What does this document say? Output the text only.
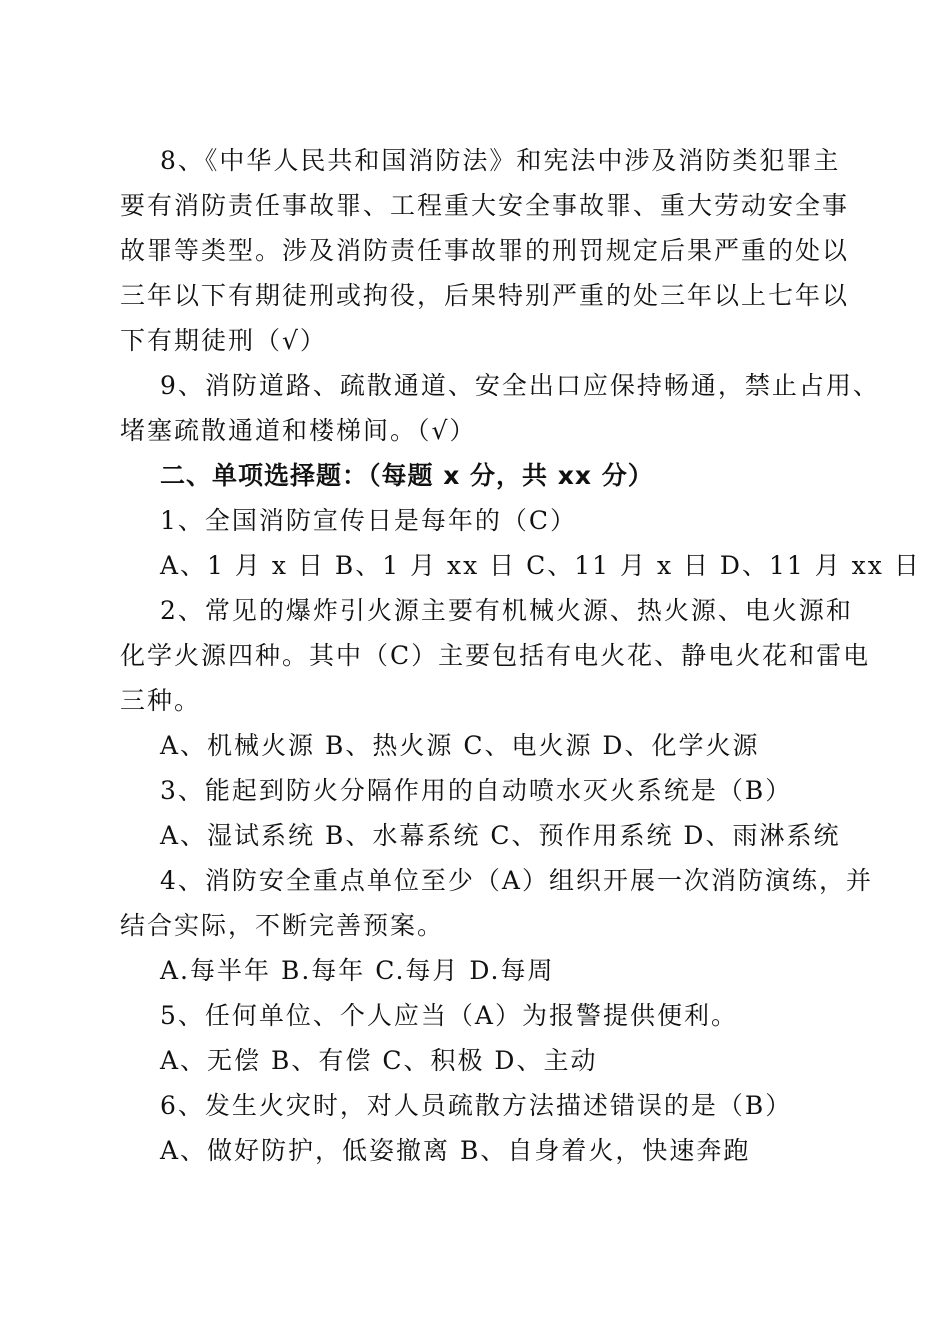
8、《中华人民共和国消防法》和宪法中涉及消防类犯罪主
要有消防责任事故罪、工程重大安全事故罪、重大劳动安全事
故罪等类型。涉及消防责任事故罪的刑罚规定后果严重的处以
三年以下有期徒刑或拘役，后果特别严重的处三年以上七年以
下有期徒刑（√）
9、消防道路、疏散通道、安全出口应保持畅通，禁止占用、
堵塞疏散通道和楼梯间。（√）
二、单项选择题：（每题 x 分，共 xx 分）
1、全国消防宣传日是每年的（C）
A、1 月 x 日 B、1 月 xx 日 C、11 月 x 日 D、11 月 xx 日
2、常见的爆炸引火源主要有机械火源、热火源、电火源和
化学火源四种。其中（C）主要包括有电火花、静电火花和雷电
三种。
A、机械火源 B、热火源 C、电火源 D、化学火源
3、能起到防火分隔作用的自动喷水灭火系统是（B）
A、湿试系统 B、水幕系统 C、预作用系统 D、雨淋系统
4、消防安全重点单位至少（A）组织开展一次消防演练，并
结合实际，不断完善预案。
A.每半年 B.每年 C.每月 D.每周
5、任何单位、个人应当（A）为报警提供便利。
A、无偿 B、有偿 C、积极 D、主动
6、发生火灾时，对人员疏散方法描述错误的是（B）
A、做好防护，低姿撤离 B、自身着火，快速奔跑
